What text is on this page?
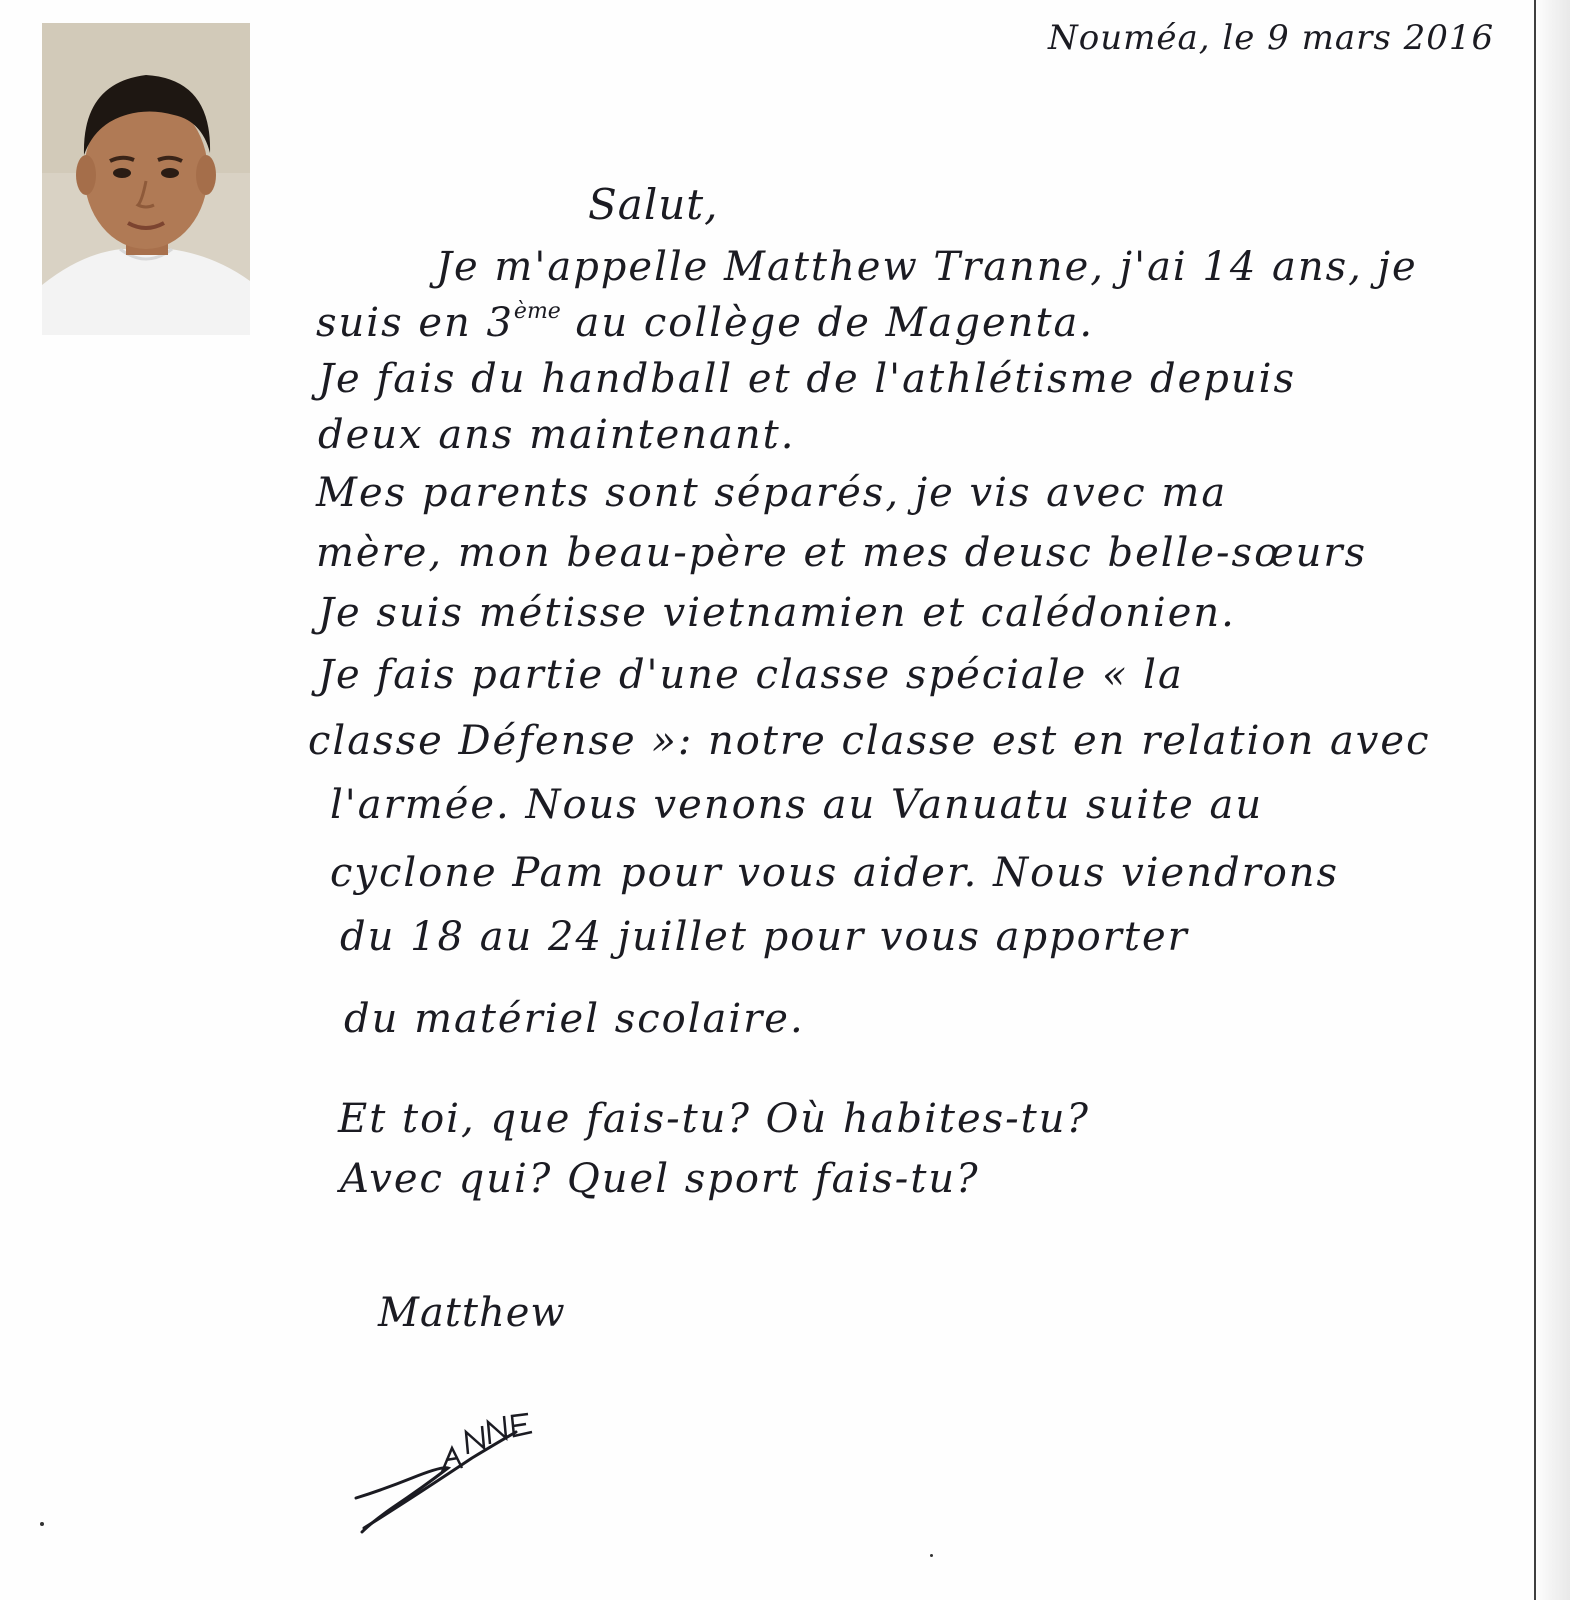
Nouméa, le 9 mars 2016
Salut,
Je m'appelle Matthew Tranne, j'ai 14 ans, je
suis en 3ème au collège de Magenta.
Je fais du handball et de l'athlétisme depuis
deux ans maintenant.
Mes parents sont séparés, je vis avec ma
mère, mon beau-père et mes deusc belle-sœurs
Je suis métisse vietnamien et calédonien.
Je fais partie d'une classe spéciale « la
classe Défense »: notre classe est en relation avec
l'armée. Nous venons au Vanuatu suite au
cyclone Pam pour vous aider. Nous viendrons
du 18 au 24 juillet pour vous apporter
du matériel scolaire.
Et toi, que fais-tu? Où habites-tu?
Avec qui? Quel sport fais-tu?
Matthew
